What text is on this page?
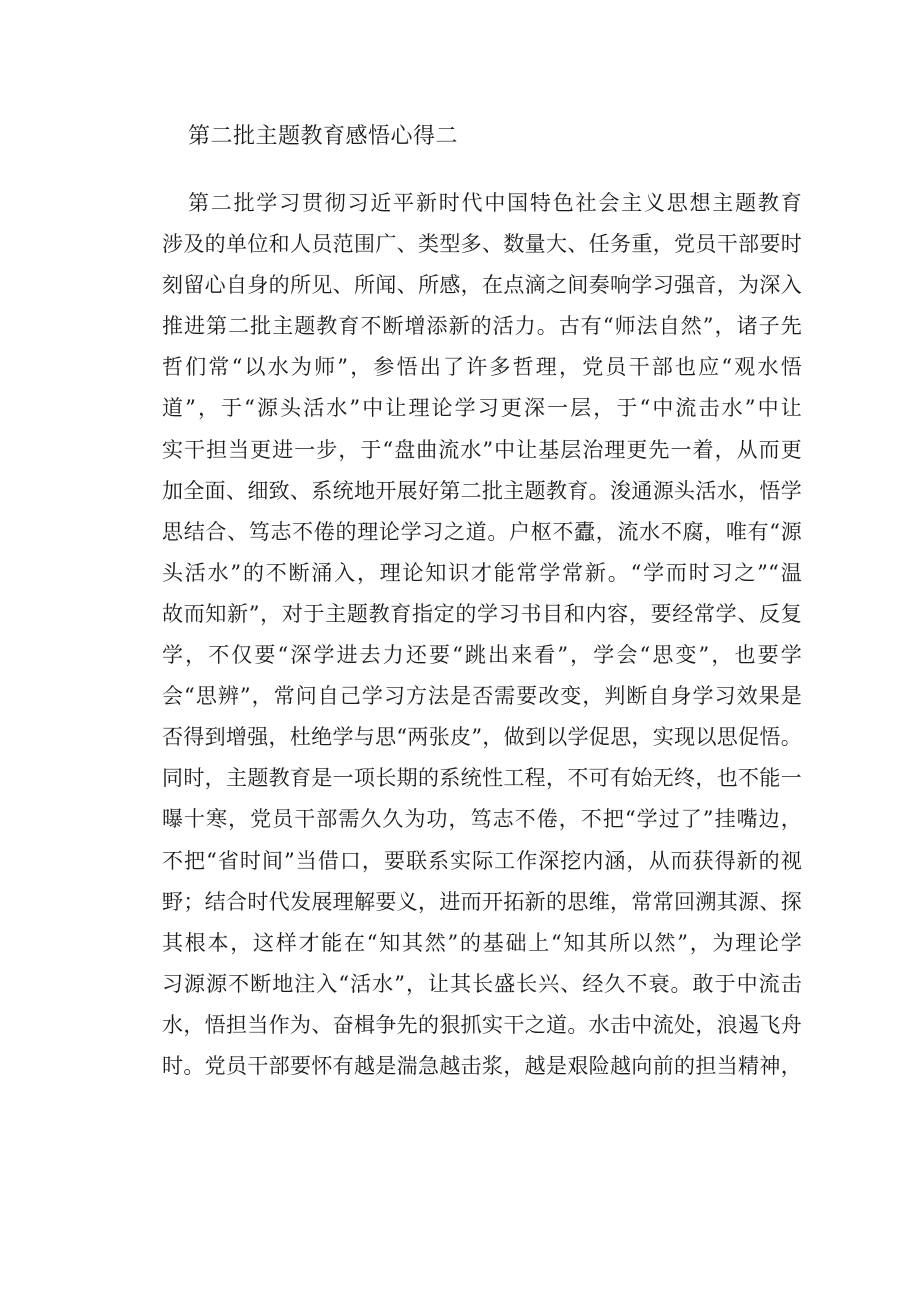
第二批主题教育感悟心得二
第二批学习贯彻习近平新时代中国特色社会主义思想主题教育
涉及的单位和人员范围广、类型多、数量大、任务重，党员干部要时
刻留心自身的所见、所闻、所感，在点滴之间奏响学习强音，为深入
推进第二批主题教育不断增添新的活力。古有“师法自然”，诸子先
哲们常“以水为师”，参悟出了许多哲理，党员干部也应“观水悟
道”，于“源头活水”中让理论学习更深一层，于“中流击水”中让
实干担当更进一步，于“盘曲流水”中让基层治理更先一着，从而更
加全面、细致、系统地开展好第二批主题教育。浚通源头活水，悟学
思结合、笃志不倦的理论学习之道。户枢不蠹，流水不腐，唯有“源
头活水”的不断涌入，理论知识才能常学常新。“学而时习之”“温
故而知新”，对于主题教育指定的学习书目和内容，要经常学、反复
学，不仅要“深学进去力还要“跳出来看”，学会“思变”，也要学
会“思辨”，常问自己学习方法是否需要改变，判断自身学习效果是
否得到增强，杜绝学与思“两张皮”，做到以学促思，实现以思促悟。
同时，主题教育是一项长期的系统性工程，不可有始无终，也不能一
曝十寒，党员干部需久久为功，笃志不倦，不把“学过了”挂嘴边，
不把“省时间”当借口，要联系实际工作深挖内涵，从而获得新的视
野；结合时代发展理解要义，进而开拓新的思维，常常回溯其源、探
其根本，这样才能在“知其然”的基础上“知其所以然”，为理论学
习源源不断地注入“活水”，让其长盛长兴、经久不衰。敢于中流击
水，悟担当作为、奋楫争先的狠抓实干之道。水击中流处，浪遏飞舟
时。党员干部要怀有越是湍急越击浆，越是艰险越向前的担当精神，
